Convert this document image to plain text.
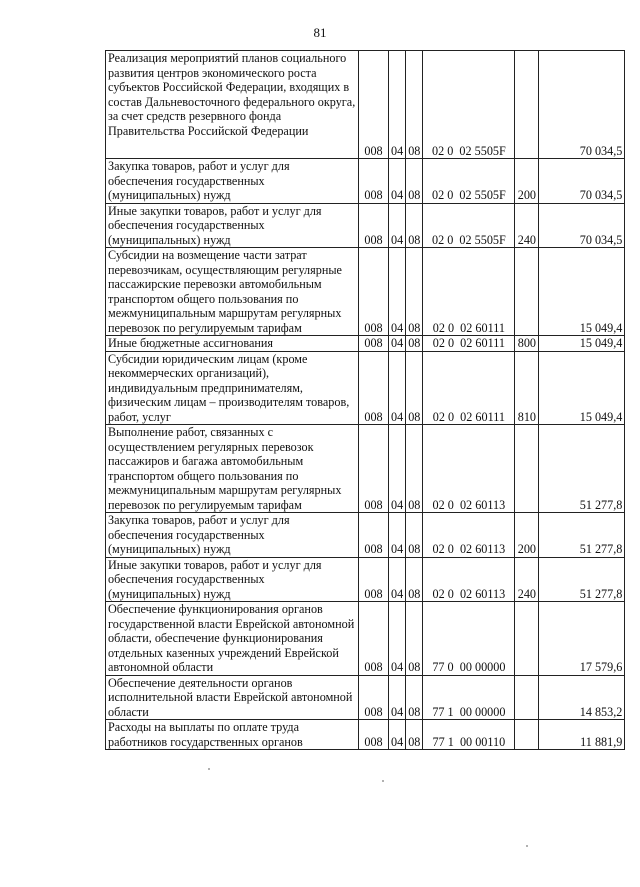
81
Реализация мероприятий планов социального развития центров экономического роста субъектов Российской Федерации, входящих в состав Дальневосточного федерального округа, за счет средств резервного фонда Правительства Российской Федерации	008	04	08	02 0  02 5505F		70 034,5
Закупка товаров, работ и услуг для обеспечения государственных (муниципальных) нужд	008	04	08	02 0  02 5505F	200	70 034,5
Иные закупки товаров, работ и услуг для обеспечения государственных (муниципальных) нужд	008	04	08	02 0  02 5505F	240	70 034,5
Субсидии на возмещение части затрат перевозчикам, осуществляющим регулярные пассажирские перевозки автомобильным транспортом общего пользования по межмуниципальным маршрутам регулярных перевозок по регулируемым тарифам	008	04	08	02 0  02 60111		15 049,4
Иные бюджетные ассигнования	008	04	08	02 0  02 60111	800	15 049,4
Субсидии юридическим лицам (кроме некоммерческих организаций), индивидуальным предпринимателям, физическим лицам – производителям товаров, работ, услуг	008	04	08	02 0  02 60111	810	15 049,4
Выполнение работ, связанных с осуществлением регулярных перевозок пассажиров и багажа автомобильным транспортом общего пользования по межмуниципальным маршрутам регулярных перевозок по регулируемым тарифам	008	04	08	02 0  02 60113		51 277,8
Закупка товаров, работ и услуг для обеспечения государственных (муниципальных) нужд	008	04	08	02 0  02 60113	200	51 277,8
Иные закупки товаров, работ и услуг для обеспечения государственных (муниципальных) нужд	008	04	08	02 0  02 60113	240	51 277,8
Обеспечение функционирования органов государственной власти Еврейской автономной области, обеспечение функционирования отдельных казенных учреждений Еврейской автономной области	008	04	08	77 0  00 00000		17 579,6
Обеспечение деятельности органов исполнительной власти Еврейской автономной области	008	04	08	77 1  00 00000		14 853,2
Расходы на выплаты по оплате труда работников государственных органов	008	04	08	77 1  00 00110		11 881,9
